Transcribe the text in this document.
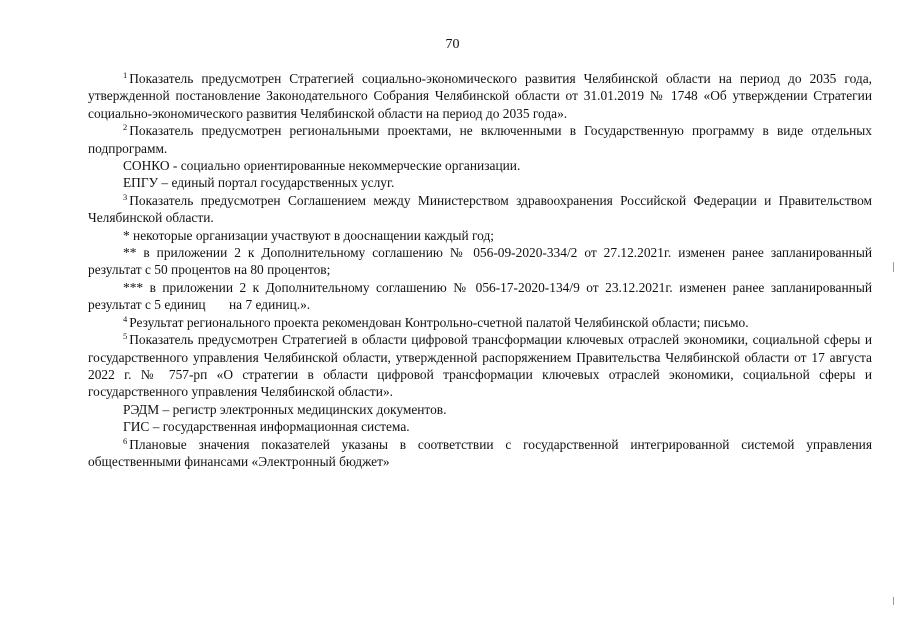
70

$^1$ Показатель предусмотрен Стратегией социально-экономического развития Челябинской области на период до 2035 года, утвержденной постановление Законодательного Собрания Челябинской области от 31.01.2019 № 1748 «Об утверждении Стратегии социально-экономического развития Челябинской области на период до 2035 года».

$^2$ Показатель предусмотрен региональными проектами, не включенными в Государственную программу в виде отдельных подпрограмм.

СОНКО - социально ориентированные некоммерческие организации.

ЕПГУ – единый портал государственных услуг.

$^3$ Показатель предусмотрен Соглашением между Министерством здравоохранения Российской Федерации и Правительством Челябинской области.

* некоторые организации участвуют в дооснащении каждый год;

** в приложении 2 к Дополнительному соглашению № 056-09-2020-334/2 от 27.12.2021г. изменен ранее запланированный результат с 50 процентов на 80 процентов;

*** в приложении 2 к Дополнительному соглашению № 056-17-2020-134/9 от 23.12.2021г. изменен ранее запланированный результат с 5 единиц       на 7 единиц.».

$^4$ Результат регионального проекта рекомендован Контрольно-счетной палатой Челябинской области; письмо.

$^5$ Показатель предусмотрен Стратегией в области цифровой трансформации ключевых отраслей экономики, социальной сферы и государственного управления Челябинской области, утвержденной распоряжением Правительства Челябинской области от 17 августа 2022 г. № 757-рп «О стратегии в области цифровой трансформации ключевых отраслей экономики, социальной сферы и государственного управления Челябинской области».

РЭДМ – регистр электронных медицинских документов.

ГИС – государственная информационная система.

$^6$ Плановые значения показателей указаны в соответствии с государственной интегрированной системой управления общественными финансами «Электронный бюджет»
